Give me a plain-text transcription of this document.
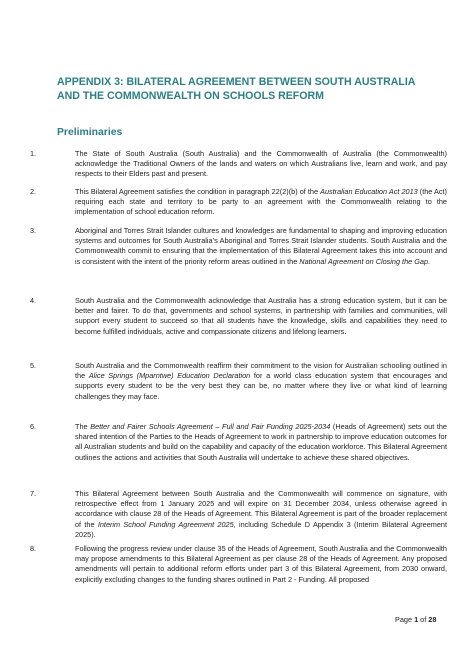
APPENDIX 3: BILATERAL AGREEMENT BETWEEN SOUTH AUSTRALIA AND THE COMMONWEALTH ON SCHOOLS REFORM
Preliminaries
1.	The State of South Australia (South Australia) and the Commonwealth of Australia (the Commonwealth) acknowledge the Traditional Owners of the lands and waters on which Australians live, learn and work, and pay respects to their Elders past and present.
2.	This Bilateral Agreement satisfies the condition in paragraph 22(2)(b) of the Australian Education Act 2013 (the Act) requiring each state and territory to be party to an agreement with the Commonwealth relating to the implementation of school education reform.
3.	Aboriginal and Torres Strait Islander cultures and knowledges are fundamental to shaping and improving education systems and outcomes for South Australia’s Aboriginal and Torres Strait Islander students. South Australia and the Commonwealth commit to ensuring that the implementation of this Bilateral Agreement takes this into account and is consistent with the intent of the priority reform areas outlined in the National Agreement on Closing the Gap.
4.	South Australia and the Commonwealth acknowledge that Australia has a strong education system, but it can be better and fairer. To do that, governments and school systems, in partnership with families and communities, will support every student to succeed so that all students have the knowledge, skills and capabilities they need to become fulfilled individuals, active and compassionate citizens and lifelong learners.
5.	South Australia and the Commonwealth reaffirm their commitment to the vision for Australian schooling outlined in the Alice Springs (Mparntwe) Education Declaration for a world class education system that encourages and supports every student to be the very best they can be, no matter where they live or what kind of learning challenges they may face.
6.	The Better and Fairer Schools Agreement – Full and Fair Funding 2025-2034 (Heads of Agreement) sets out the shared intention of the Parties to the Heads of Agreement to work in partnership to improve education outcomes for all Australian students and build on the capability and capacity of the education workforce. This Bilateral Agreement outlines the actions and activities that South Australia will undertake to achieve these shared objectives.
7.	This Bilateral Agreement between South Australia and the Commonwealth will commence on signature, with retrospective effect from 1 January 2025 and will expire on 31 December 2034, unless otherwise agreed in accordance with clause 28 of the Heads of Agreement. This Bilateral Agreement is part of the broader replacement of the Interim School Funding Agreement 2025, including Schedule D Appendix 3 (Interim Bilateral Agreement 2025).
8.	Following the progress review under clause 35 of the Heads of Agreement, South Australia and the Commonwealth may propose amendments to this Bilateral Agreement as per clause 28 of the Heads of Agreement. Any proposed amendments will pertain to additional reform efforts under part 3 of this Bilateral Agreement, from 2030 onward, explicitly excluding changes to the funding shares outlined in Part 2 - Funding. All proposed
Page 1 of 28
